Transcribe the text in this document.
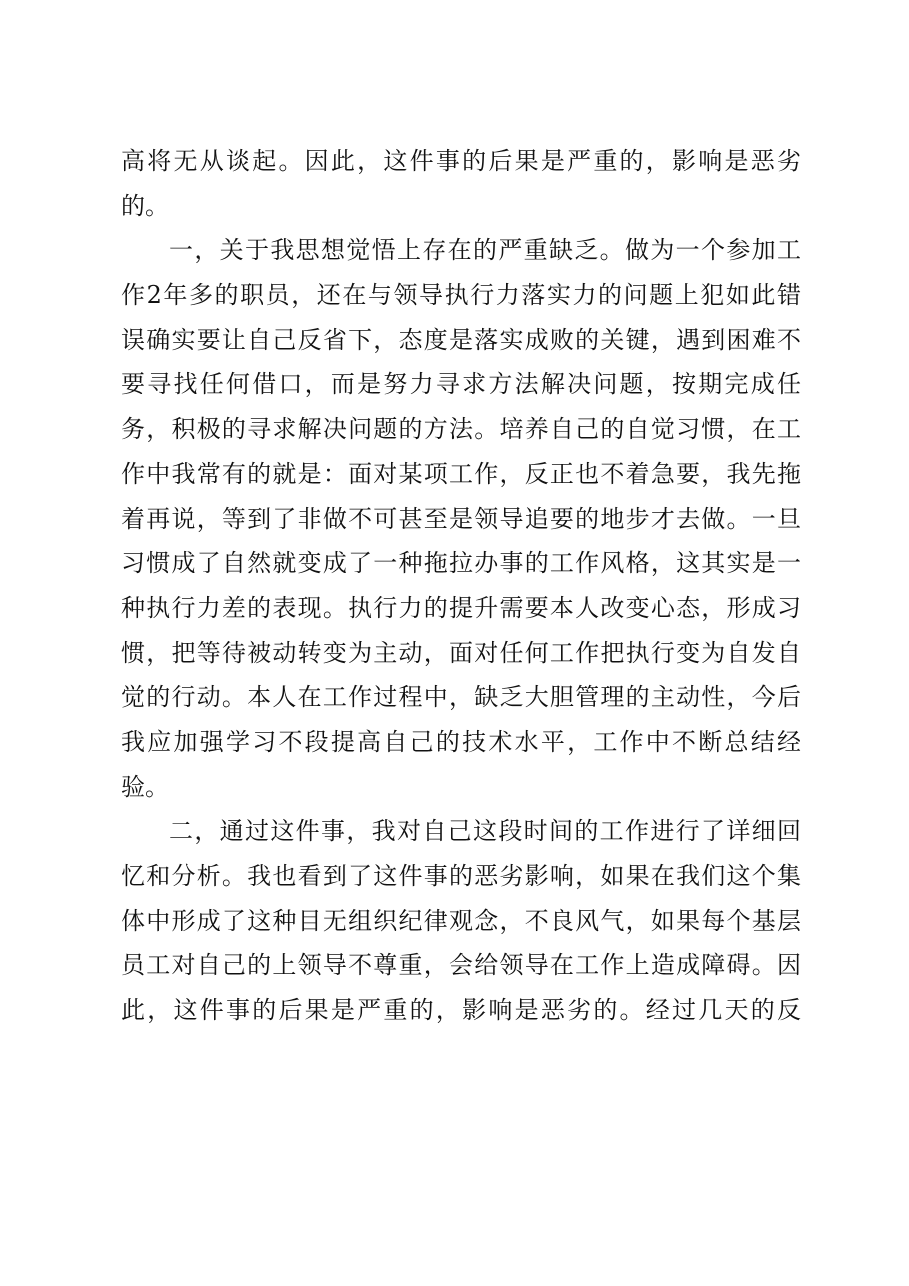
高将无从谈起。因此，这件事的后果是严重的，影响是恶劣
的。
一，关于我思想觉悟上存在的严重缺乏。做为一个参加工
作2年多的职员，还在与领导执行力落实力的问题上犯如此错
误确实要让自己反省下，态度是落实成败的关键，遇到困难不
要寻找任何借口，而是努力寻求方法解决问题，按期完成任
务，积极的寻求解决问题的方法。培养自己的自觉习惯，在工
作中我常有的就是：面对某项工作，反正也不着急要，我先拖
着再说，等到了非做不可甚至是领导追要的地步才去做。一旦
习惯成了自然就变成了一种拖拉办事的工作风格，这其实是一
种执行力差的表现。执行力的提升需要本人改变心态，形成习
惯，把等待被动转变为主动，面对任何工作把执行变为自发自
觉的行动。本人在工作过程中，缺乏大胆管理的主动性，今后
我应加强学习不段提高自己的技术水平，工作中不断总结经
验。
二，通过这件事，我对自己这段时间的工作进行了详细回
忆和分析。我也看到了这件事的恶劣影响，如果在我们这个集
体中形成了这种目无组织纪律观念，不良风气，如果每个基层
员工对自己的上领导不尊重，会给领导在工作上造成障碍。因
此，这件事的后果是严重的，影响是恶劣的。经过几天的反
